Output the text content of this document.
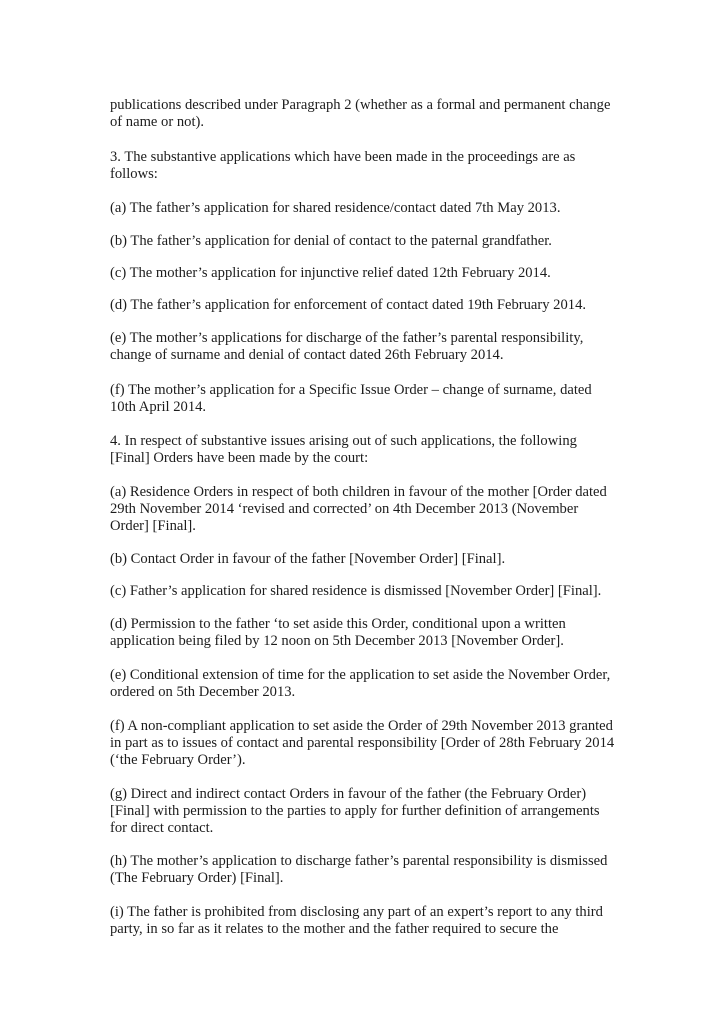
publications described under Paragraph 2 (whether as a formal and permanent change
of name or not).

3. The substantive applications which have been made in the proceedings are as
follows:

(a) The father’s application for shared residence/contact dated 7th May 2013.

(b) The father’s application for denial of contact to the paternal grandfather.

(c) The mother’s application for injunctive relief dated 12th February 2014.

(d) The father’s application for enforcement of contact dated 19th February 2014.

(e) The mother’s applications for discharge of the father’s parental responsibility,
change of surname and denial of contact dated 26th February 2014.

(f) The mother’s application for a Specific Issue Order – change of surname, dated
10th April 2014.

4. In respect of substantive issues arising out of such applications, the following
[Final] Orders have been made by the court:

(a) Residence Orders in respect of both children in favour of the mother [Order dated
29th November 2014 ‘revised and corrected’ on 4th December 2013 (November
Order] [Final].

(b) Contact Order in favour of the father [November Order] [Final].

(c) Father’s application for shared residence is dismissed [November Order] [Final].

(d) Permission to the father ‘to set aside this Order, conditional upon a written
application being filed by 12 noon on 5th December 2013 [November Order].

(e) Conditional extension of time for the application to set aside the November Order,
ordered on 5th December 2013.

(f) A non-compliant application to set aside the Order of 29th November 2013 granted
in part as to issues of contact and parental responsibility [Order of 28th February 2014
(‘the February Order’).

(g) Direct and indirect contact Orders in favour of the father (the February Order)
[Final] with permission to the parties to apply for further definition of arrangements
for direct contact.

(h) The mother’s application to discharge father’s parental responsibility is dismissed
(The February Order) [Final].

(i) The father is prohibited from disclosing any part of an expert’s report to any third
party, in so far as it relates to the mother and the father required to secure the
